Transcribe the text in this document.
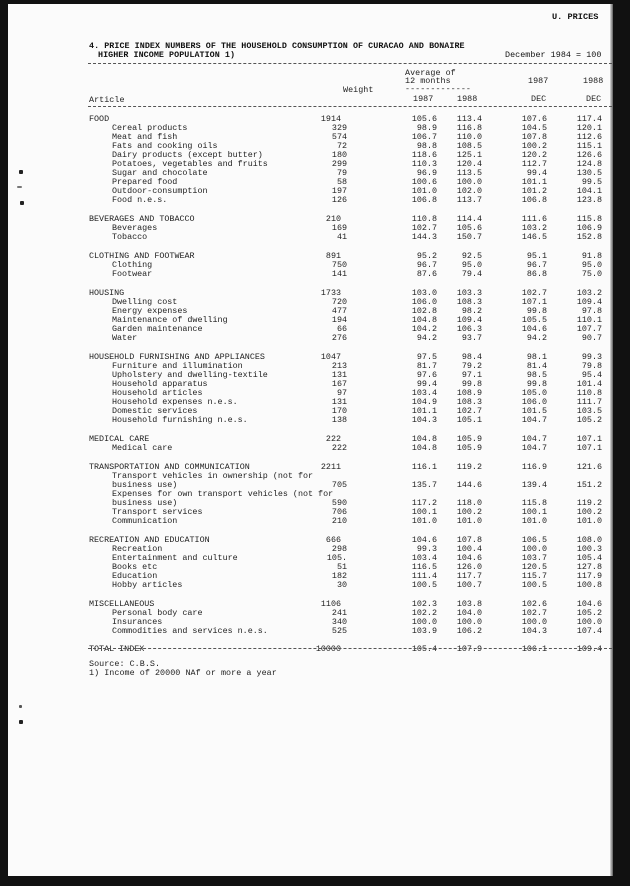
U. PRICES
4. PRICE INDEX NUMBERS OF THE HOUSEHOLD CONSUMPTION OF CURACAO AND BONAIRE
HIGHER INCOME POPULATION 1)	December 1984 = 100
Average of
12 months	1987	1988
Weight	-------------
Article	1987	1988	DEC	DEC
FOOD	1914	105.6 113.4	107.6	117.4
Cereal products	329	98.9 116.8	104.5	120.1
Meat and fish	574	106.7 110.0	107.8	112.6
Fats and cooking oils	72	98.8 108.5	100.2	115.1
Dairy products (except butter)	180	118.6 125.1	120.2	126.6
Potatoes, vegetables and fruits	299	110.3 120.4	112.7	124.8
Sugar and chocolate	79	96.9 113.5	99.4	130.5
Prepared food	58	100.6 100.0	101.1	99.5
Outdoor-consumption	197	101.0 102.0	101.2	104.1
Food n.e.s.	126	106.8 113.7	106.8	123.8
BEVERAGES AND TOBACCO	210	110.8 114.4	111.6	115.8
Beverages	169	102.7 105.6	103.2	106.9
Tobacco	41	144.3 150.7	146.5	152.8
CLOTHING AND FOOTWEAR	891	95.2	92.5	95.1	91.8
Clothing	750	96.7	95.0	96.7	95.0
Footwear	141	87.6	79.4	86.8	75.0
HOUSING	1733	103.0 103.3	102.7	103.2
Dwelling cost	720	106.0 108.3	107.1	109.4
Energy expenses	477	102.8	98.2	99.8	97.8
Maintenance of dwelling	194	104.8 109.4	105.5	110.1
Garden maintenance	66	104.2 106.3	104.6	107.7
Water	276	94.2	93.7	94.2	90.7
HOUSEHOLD FURNISHING AND APPLIANCES	1047	97.5	98.4	98.1	99.3
Furniture and illumination	213	81.7	79.2	81.4	79.8
Upholstery and dwelling-textile	131	97.6	97.1	98.5	95.4
Household apparatus	167	99.4	99.8	99.8	101.4
Household articles	97	103.4 108.9	105.0	110.8
Household expenses n.e.s.	131	104.9 108.3	106.0	111.7
Domestic services	170	101.1 102.7	101.5	103.5
Household furnishing n.e.s.	138	104.3 105.1	104.7	105.2
MEDICAL CARE	222	104.8 105.9	104.7	107.1
Medical care	222	104.8 105.9	104.7	107.1
TRANSPORTATION AND COMMUNICATION	2211	116.1 119.2	116.9	121.6
Transport vehicles in ownership (not for
business use)	705	135.7 144.6	139.4	151.2
Expenses for own transport vehicles (not for
business use)	590	117.2 118.0	115.8	119.2
Transport services	706	100.1 100.2	100.1	100.2
Communication	210	101.0 101.0	101.0	101.0
RECREATION AND EDUCATION	666	104.6 107.8	106.5	108.0
Recreation	298	99.3 100.4	100.0	100.3
Entertainment and culture	105.	103.4 104.6	103.7	105.4
Books etc	51	116.5 126.0	120.5	127.8
Education	182	111.4 117.7	115.7	117.9
Hobby articles	30	100.5 100.7	100.5	100.8
MISCELLANEOUS	1106	102.3 103.8	102.6	104.6
Personal body care	241	102.2 104.0	102.7	105.2
Insurances	340	100.0 100.0	100.0	100.0
Commodities and services n.e.s.	525	103.9 106.2	104.3	107.4
TOTAL INDEX	10000	105.4 107.9	106.1	109.4
Source: C.B.S.
1) Income of 20000 NAf or more a year
